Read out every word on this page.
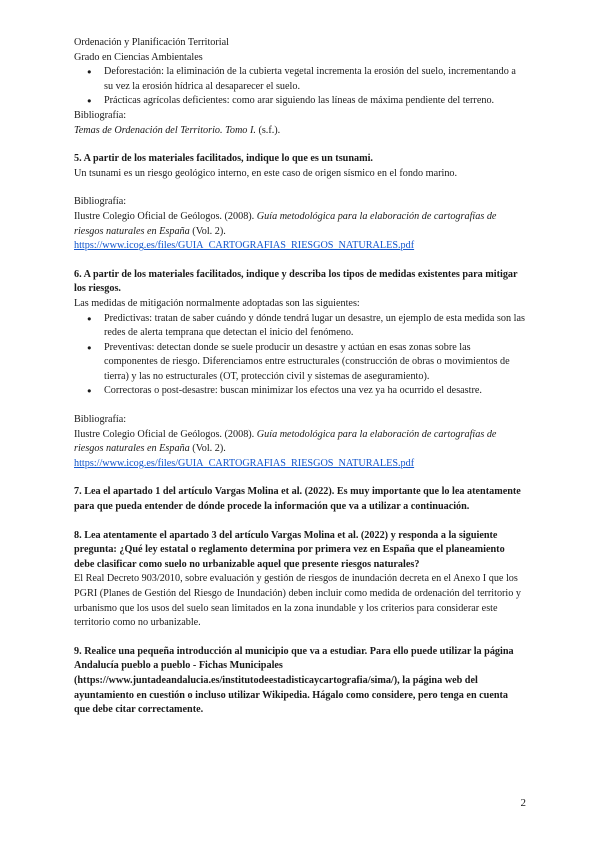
Ordenación y Planificación Territorial

Grado en Ciencias Ambientales

● Deforestación: la eliminación de la cubierta vegetal incrementa la erosión del suelo, incrementando a su vez la erosión hídrica al desaparecer el suelo.
● Prácticas agrícolas deficientes: como arar siguiendo las líneas de máxima pendiente del terreno.

Bibliografía:

Temas de Ordenación del Territorio. Tomo I. (s.f.).

5. A partir de los materiales facilitados, indique lo que es un tsunami.

Un tsunami es un riesgo geológico interno, en este caso de origen sísmico en el fondo marino.

Bibliografía:

Ilustre Colegio Oficial de Geólogos. (2008). Guía metodológica para la elaboración de cartografías de riesgos naturales en España (Vol. 2).

https://www.icog.es/files/GUIA_CARTOGRAFIAS_RIESGOS_NATURALES.pdf

6. A partir de los materiales facilitados, indique y describa los tipos de medidas existentes para mitigar los riesgos.

Las medidas de mitigación normalmente adoptadas son las siguientes:

● Predictivas: tratan de saber cuándo y dónde tendrá lugar un desastre, un ejemplo de esta medida son las redes de alerta temprana que detectan el inicio del fenómeno.
● Preventivas: detectan donde se suele producir un desastre y actúan en esas zonas sobre las componentes de riesgo. Diferenciamos entre estructurales (construcción de obras o movimientos de tierra) y las no estructurales (OT, protección civil y sistemas de aseguramiento).
● Correctoras o post-desastre: buscan minimizar los efectos una vez ya ha ocurrido el desastre.

Bibliografía:

Ilustre Colegio Oficial de Geólogos. (2008). Guía metodológica para la elaboración de cartografías de riesgos naturales en España (Vol. 2).

https://www.icog.es/files/GUIA_CARTOGRAFIAS_RIESGOS_NATURALES.pdf

7. Lea el apartado 1 del artículo Vargas Molina et al. (2022). Es muy importante que lo lea atentamente para que pueda entender de dónde procede la información que va a utilizar a continuación.

8. Lea atentamente el apartado 3 del artículo Vargas Molina et al. (2022) y responda a la siguiente pregunta: ¿Qué ley estatal o reglamento determina por primera vez en España que el planeamiento debe clasificar como suelo no urbanizable aquel que presente riesgos naturales?

El Real Decreto 903/2010, sobre evaluación y gestión de riesgos de inundación decreta en el Anexo I que los PGRI (Planes de Gestión del Riesgo de Inundación) deben incluir como medida de ordenación del territorio y urbanismo que los usos del suelo sean limitados en la zona inundable y los criterios para considerar este territorio como no urbanizable.

9. Realice una pequeña introducción al municipio que va a estudiar. Para ello puede utilizar la página Andalucía pueblo a pueblo - Fichas Municipales (https://www.juntadeandalucia.es/institutodeestadisticaycartografia/sima/), la página web del ayuntamiento en cuestión o incluso utilizar Wikipedia. Hágalo como considere, pero tenga en cuenta que debe citar correctamente.

2
